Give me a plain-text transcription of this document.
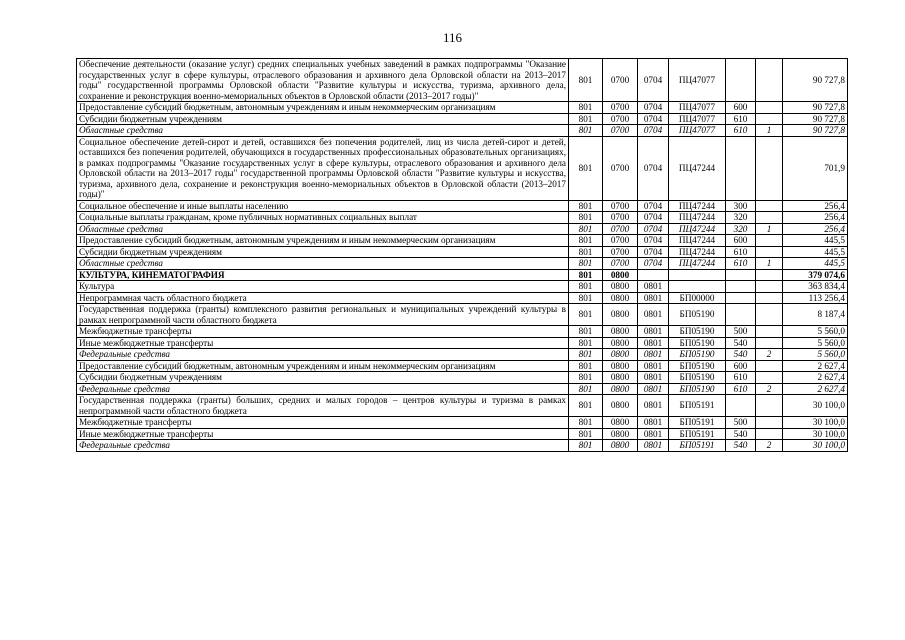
116
Обеспечение деятельности (оказание услуг) средних специальных учебных заведений в рамках подпрограммы "Оказание государственных услуг в сфере культуры, отраслевого образования и архивного дела Орловской области на 2013–2017 годы" государственной программы Орловской области "Развитие культуры и искусства, туризма, архивного дела, сохранение и реконструкция военно-мемориальных объектов в Орловской области (2013–2017 годы)"	801	0700	0704	ПЦ47077			90 727,8
Предоставление субсидий бюджетным, автономным учреждениям и иным некоммерческим организациям	801	0700	0704	ПЦ47077	600		90 727,8
Субсидии бюджетным учреждениям	801	0700	0704	ПЦ47077	610		90 727,8
Областные средства	801	0700	0704	ПЦ47077	610	1	90 727,8
Социальное обеспечение детей-сирот и детей, оставшихся без попечения родителей, лиц из числа детей-сирот и детей, оставшихся без попечения родителей, обучающихся в государственных профессиональных образовательных организациях, в рамках подпрограммы "Оказание государственных услуг в сфере культуры, отраслевого образования и архивного дела Орловской области на 2013–2017 годы" государственной программы Орловской области "Развитие культуры и искусства, туризма, архивного дела, сохранение и реконструкция военно-мемориальных объектов в Орловской области (2013–2017 годы)"	801	0700	0704	ПЦ47244			701,9
Социальное обеспечение и иные выплаты населению	801	0700	0704	ПЦ47244	300		256,4
Социальные выплаты гражданам, кроме публичных нормативных социальных выплат	801	0700	0704	ПЦ47244	320		256,4
Областные средства	801	0700	0704	ПЦ47244	320	1	256,4
Предоставление субсидий бюджетным, автономным учреждениям и иным некоммерческим организациям	801	0700	0704	ПЦ47244	600		445,5
Субсидии бюджетным учреждениям	801	0700	0704	ПЦ47244	610		445,5
Областные средства	801	0700	0704	ПЦ47244	610	1	445,5
КУЛЬТУРА, КИНЕМАТОГРАФИЯ	801	0800					379 074,6
Культура	801	0800	0801				363 834,4
Непрограммная часть областного бюджета	801	0800	0801	БП00000			113 256,4
Государственная поддержка (гранты) комплексного развития региональных и муниципальных учреждений культуры в рамках непрограммной части областного бюджета	801	0800	0801	БП05190			8 187,4
Межбюджетные трансферты	801	0800	0801	БП05190	500		5 560,0
Иные межбюджетные трансферты	801	0800	0801	БП05190	540		5 560,0
Федеральные средства	801	0800	0801	БП05190	540	2	5 560,0
Предоставление субсидий бюджетным, автономным учреждениям и иным некоммерческим организациям	801	0800	0801	БП05190	600		2 627,4
Субсидии бюджетным учреждениям	801	0800	0801	БП05190	610		2 627,4
Федеральные средства	801	0800	0801	БП05190	610	2	2 627,4
Государственная поддержка (гранты) больших, средних и малых городов – центров культуры и туризма в рамках непрограммной части областного бюджета	801	0800	0801	БП05191			30 100,0
Межбюджетные трансферты	801	0800	0801	БП05191	500		30 100,0
Иные межбюджетные трансферты	801	0800	0801	БП05191	540		30 100,0
Федеральные средства	801	0800	0801	БП05191	540	2	30 100,0
